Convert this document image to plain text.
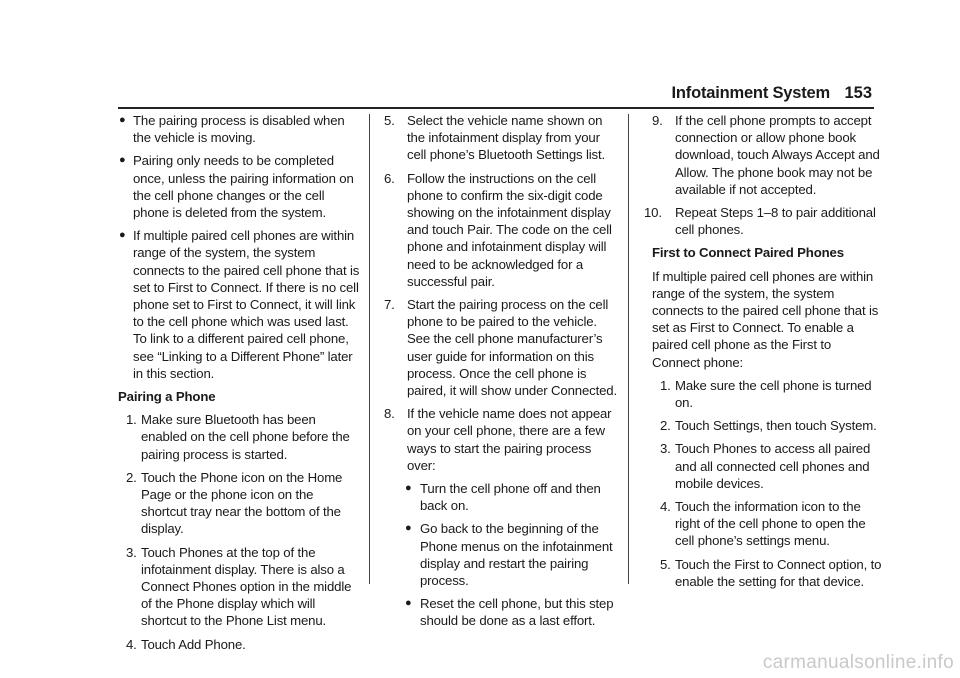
Infotainment System 153
● The pairing process is disabled when the vehicle is moving.
● Pairing only needs to be completed once, unless the pairing information on the cell phone changes or the cell phone is deleted from the system.
● If multiple paired cell phones are within range of the system, the system connects to the paired cell phone that is set to First to Connect. If there is no cell phone set to First to Connect, it will link to the cell phone which was used last. To link to a different paired cell phone, see “Linking to a Different Phone” later in this section.
Pairing a Phone
1. Make sure Bluetooth has been enabled on the cell phone before the pairing process is started.
2. Touch the Phone icon on the Home Page or the phone icon on the shortcut tray near the bottom of the display.
3. Touch Phones at the top of the infotainment display. There is also a Connect Phones option in the middle of the Phone display which will shortcut to the Phone List menu.
4. Touch Add Phone.
5. Select the vehicle name shown on the infotainment display from your cell phone’s Bluetooth Settings list.
6. Follow the instructions on the cell phone to confirm the six-digit code showing on the infotainment display and touch Pair. The code on the cell phone and infotainment display will need to be acknowledged for a successful pair.
7. Start the pairing process on the cell phone to be paired to the vehicle. See the cell phone manufacturer’s user guide for information on this process. Once the cell phone is paired, it will show under Connected.
8. If the vehicle name does not appear on your cell phone, there are a few ways to start the pairing process over:
● Turn the cell phone off and then back on.
● Go back to the beginning of the Phone menus on the infotainment display and restart the pairing process.
● Reset the cell phone, but this step should be done as a last effort.
9. If the cell phone prompts to accept connection or allow phone book download, touch Always Accept and Allow. The phone book may not be available if not accepted.
10. Repeat Steps 1–8 to pair additional cell phones.
First to Connect Paired Phones
If multiple paired cell phones are within range of the system, the system connects to the paired cell phone that is set as First to Connect. To enable a paired cell phone as the First to Connect phone:
1. Make sure the cell phone is turned on.
2. Touch Settings, then touch System.
3. Touch Phones to access all paired and all connected cell phones and mobile devices.
4. Touch the information icon to the right of the cell phone to open the cell phone’s settings menu.
5. Touch the First to Connect option, to enable the setting for that device.
carmanualsonline.info
